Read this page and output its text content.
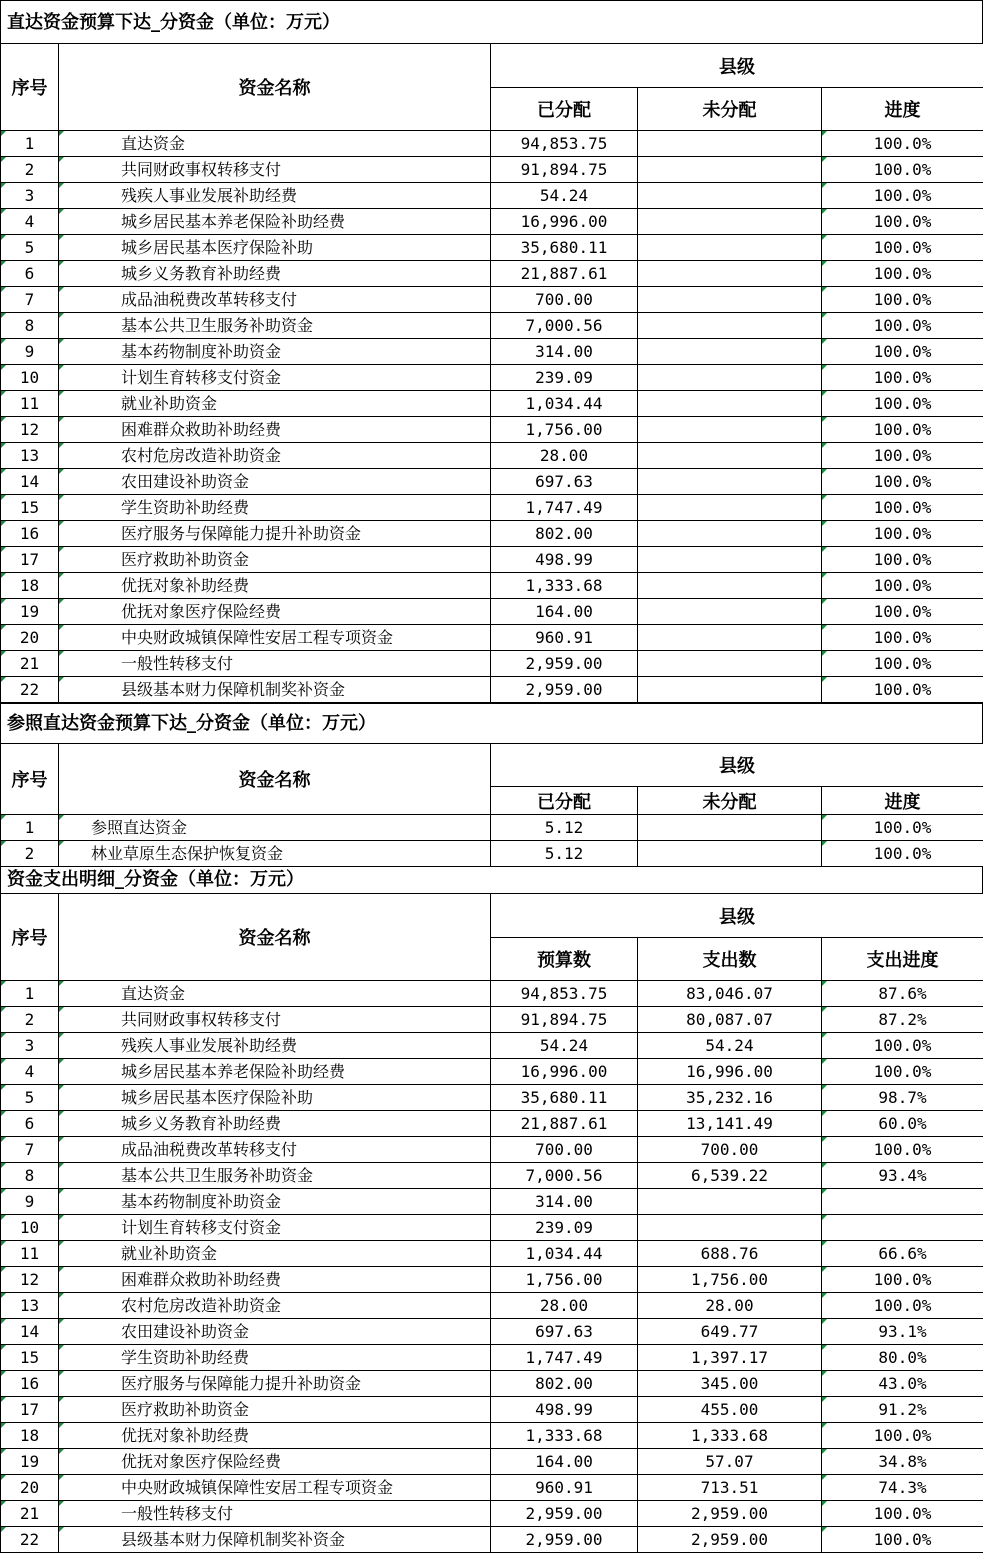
直达资金预算下达_分资金（单位：万元）
序号	资金名称	县级		
		已分配	未分配	进度
1	直达资金	94,853.75		100.0%
2	共同财政事权转移支付	91,894.75		100.0%
3	残疾人事业发展补助经费	54.24		100.0%
4	城乡居民基本养老保险补助经费	16,996.00		100.0%
5	城乡居民基本医疗保险补助	35,680.11		100.0%
6	城乡义务教育补助经费	21,887.61		100.0%
7	成品油税费改革转移支付	700.00		100.0%
8	基本公共卫生服务补助资金	7,000.56		100.0%
9	基本药物制度补助资金	314.00		100.0%
10	计划生育转移支付资金	239.09		100.0%
11	就业补助资金	1,034.44		100.0%
12	困难群众救助补助经费	1,756.00		100.0%
13	农村危房改造补助资金	28.00		100.0%
14	农田建设补助资金	697.63		100.0%
15	学生资助补助经费	1,747.49		100.0%
16	医疗服务与保障能力提升补助资金	802.00		100.0%
17	医疗救助补助资金	498.99		100.0%
18	优抚对象补助经费	1,333.68		100.0%
19	优抚对象医疗保险经费	164.00		100.0%
20	中央财政城镇保障性安居工程专项资金	960.91		100.0%
21	一般性转移支付	2,959.00		100.0%
22	县级基本财力保障机制奖补资金	2,959.00		100.0%
参照直达资金预算下达_分资金（单位：万元）
序号	资金名称	县级		
		已分配	未分配	进度
1	参照直达资金	5.12		100.0%
2	林业草原生态保护恢复资金	5.12		100.0%
资金支出明细_分资金（单位：万元）
序号	资金名称	县级		
		预算数	支出数	支出进度
1	直达资金	94,853.75	83,046.07	87.6%
2	共同财政事权转移支付	91,894.75	80,087.07	87.2%
3	残疾人事业发展补助经费	54.24	54.24	100.0%
4	城乡居民基本养老保险补助经费	16,996.00	16,996.00	100.0%
5	城乡居民基本医疗保险补助	35,680.11	35,232.16	98.7%
6	城乡义务教育补助经费	21,887.61	13,141.49	60.0%
7	成品油税费改革转移支付	700.00	700.00	100.0%
8	基本公共卫生服务补助资金	7,000.56	6,539.22	93.4%
9	基本药物制度补助资金	314.00		
10	计划生育转移支付资金	239.09		
11	就业补助资金	1,034.44	688.76	66.6%
12	困难群众救助补助经费	1,756.00	1,756.00	100.0%
13	农村危房改造补助资金	28.00	28.00	100.0%
14	农田建设补助资金	697.63	649.77	93.1%
15	学生资助补助经费	1,747.49	1,397.17	80.0%
16	医疗服务与保障能力提升补助资金	802.00	345.00	43.0%
17	医疗救助补助资金	498.99	455.00	91.2%
18	优抚对象补助经费	1,333.68	1,333.68	100.0%
19	优抚对象医疗保险经费	164.00	57.07	34.8%
20	中央财政城镇保障性安居工程专项资金	960.91	713.51	74.3%
21	一般性转移支付	2,959.00	2,959.00	100.0%
22	县级基本财力保障机制奖补资金	2,959.00	2,959.00	100.0%
